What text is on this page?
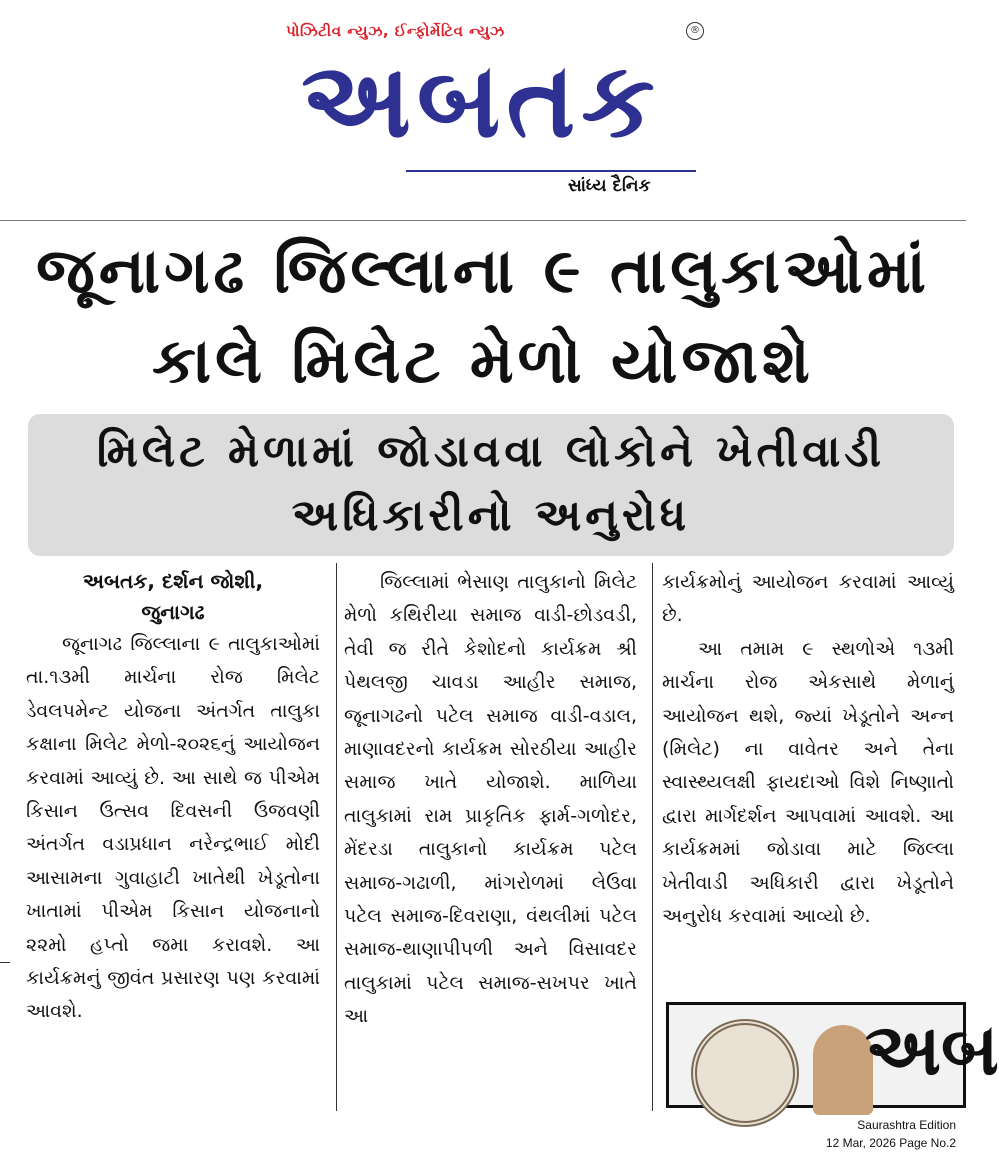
પોઝિટીવ ન્યુઝ, ઈન્ફોર્મેટિવ ન્યુઝ	®
અબતક
સાંધ્ય દૈનિક
જૂનાગઢ જિલ્લાના ૯ તાલુકાઓમાં
કાલે મિલેટ મેળો યોજાશે
મિલેટ મેળામાં જોડાવવા લોકોને ખેતીવાડી
અધિકારીનો અનુરોધ
અબતક, દર્શન જોશી,
જુનાગઢ

જૂનાગઢ જિલ્લાના ૯ તાલુકાઓમાં તા.૧૩મી માર્ચના રોજ મિલેટ ડેવલપમેન્ટ યોજના અંતર્ગત તાલુકા કક્ષાના મિલેટ મેળો-૨૦૨૬નું આયોજન કરવામાં આવ્યું છે. આ સાથે જ પીએમ કિસાન ઉત્સવ દિવસની ઉજવણી અંતર્ગત વડાપ્રધાન નરેન્દ્રભાઈ મોદી આસામના ગુવાહાટી ખાતેથી ખેડૂતોના ખાતામાં પીએમ કિસાન યોજનાનો ૨૨મો હપ્તો જમા કરાવશે. આ કાર્યક્રમનું જીવંત પ્રસારણ પણ કરવામાં આવશે.

જિલ્લામાં ભેસાણ તાલુકાનો મિલેટ મેળો કથિરીયા સમાજ વાડી-છોડવડી, તેવી જ રીતે કેશોદનો કાર્યક્રમ શ્રી પેથલજી ચાવડા આહીર સમાજ, જૂનાગઢનો પટેલ સમાજ વાડી-વડાલ, માણાવદરનો કાર્યક્રમ સોરઠીયા આહીર સમાજ ખાતે યોજાશે. માળિયા તાલુકામાં રામ પ્રાકૃતિક ફાર્મ-ગળોદર, મેંદરડા તાલુકાનો કાર્યક્રમ પટેલ સમાજ-ગઢાળી, માંગરોળમાં લેઉવા પટેલ સમાજ-દિવરાણા, વંથલીમાં પટેલ સમાજ-થાણાપીપળી અને વિસાવદર તાલુકામાં પટેલ સમાજ-સખપર ખાતે આ

કાર્યક્રમોનું આયોજન કરવામાં આવ્યું છે.

આ તમામ ૯ સ્થળોએ ૧૩મી માર્ચના રોજ એકસાથે મેળાનું આયોજન થશે, જ્યાં ખેડૂતોને અન્ન (મિલેટ) ના વાવેતર અને તેના સ્વાસ્થ્યલક્ષી ફાયદાઓ વિશે નિષ્ણાતો દ્વારા માર્ગદર્શન આપવામાં આવશે. આ કાર્યક્રમમાં જોડાવા માટે જિલ્લા ખેતીવાડી અધિકારી દ્વારા ખેડૂતોને અનુરોધ કરવામાં આવ્યો છે.

અબ
Saurashtra Edition
12 Mar, 2026 Page No.2
